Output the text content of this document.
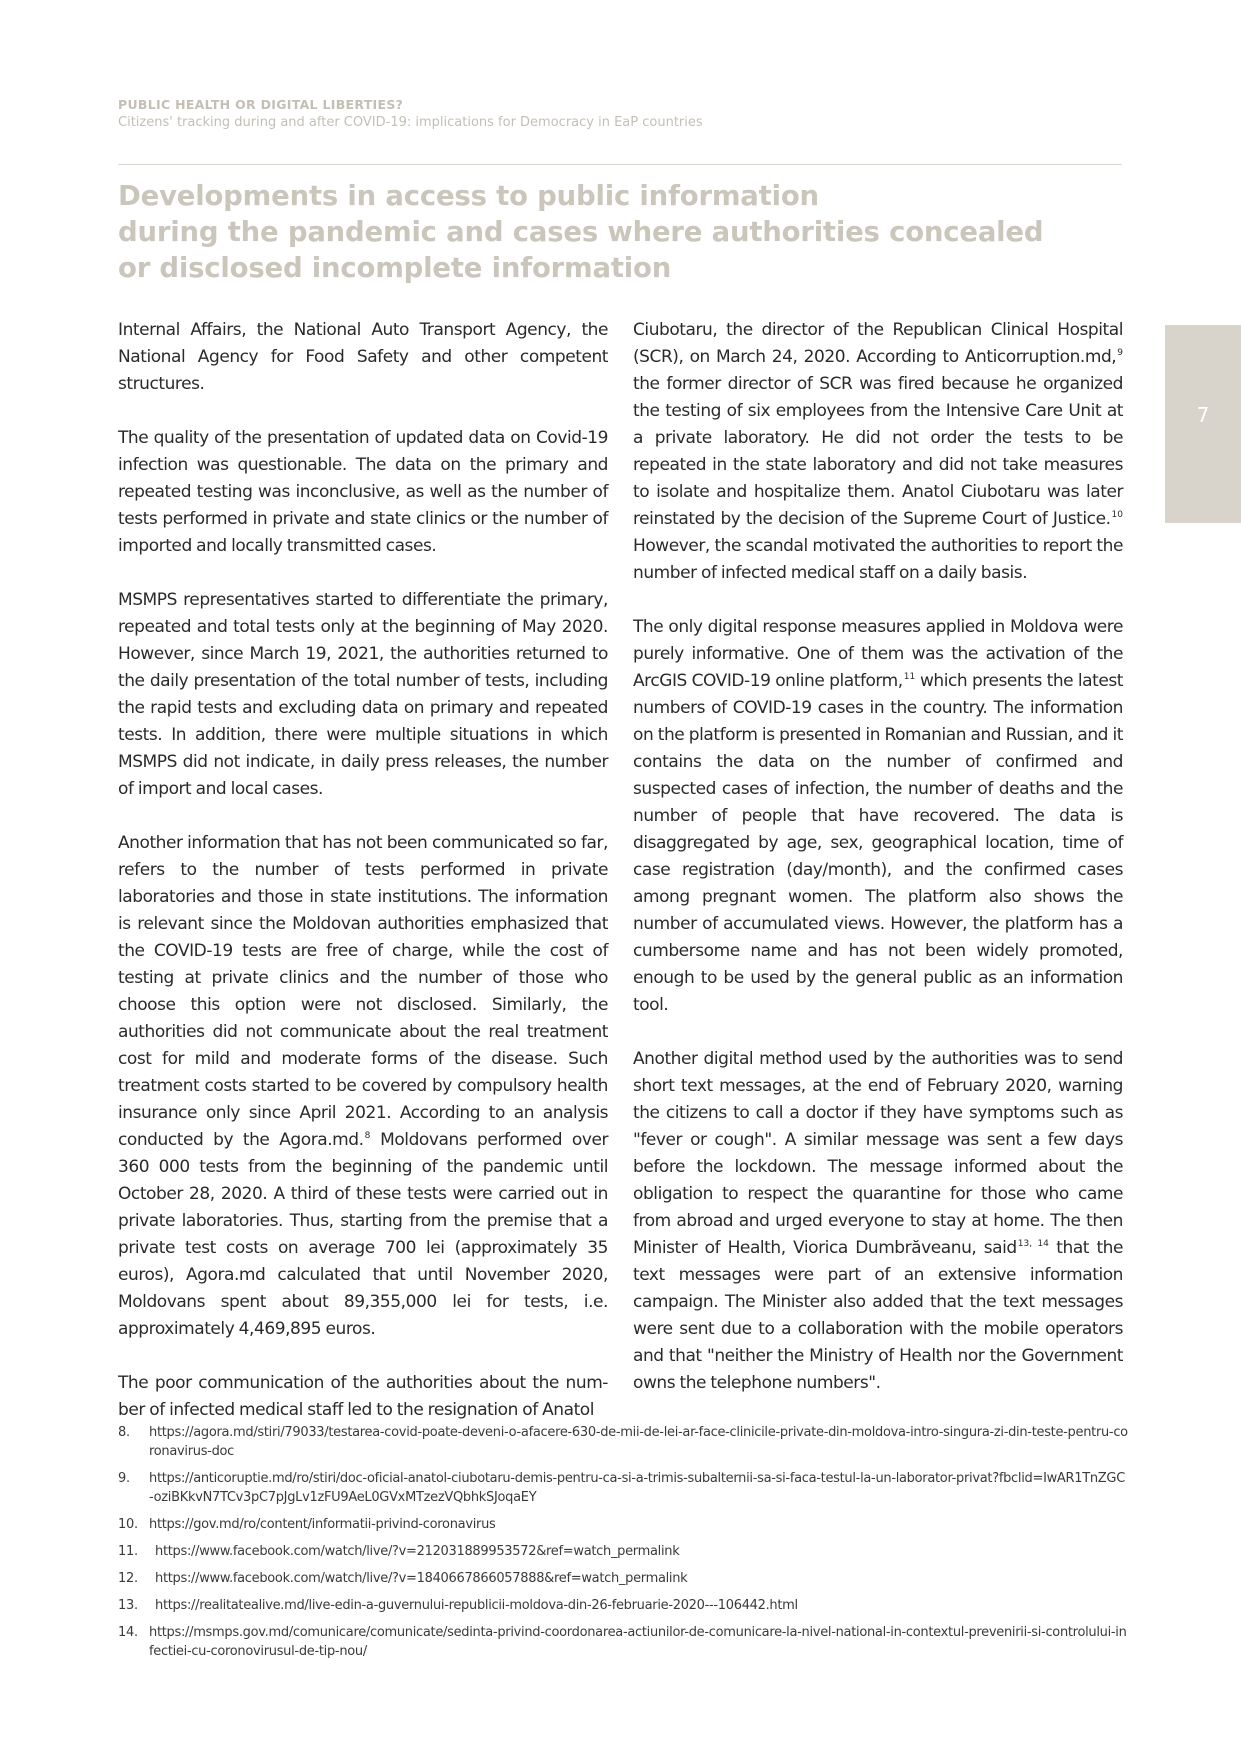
PUBLIC HEALTH OR DIGITAL LIBERTIES?
Citizens' tracking during and after COVID-19: implications for Democracy in EaP countries
Developments in access to public information
during the pandemic and cases where authorities concealed
or disclosed incomplete information
7

Internal Affairs, the National Auto Transport Agency, the National Agency for Food Safety and other competent structures.

The quality of the presentation of updated data on Covid-19 infection was questionable. The data on the primary and repeated testing was inconclusive, as well as the number of tests performed in private and state clinics or the number of imported and locally transmitted cases.

MSMPS representatives started to differentiate the primary, repeated and total tests only at the beginning of May 2020. However, since March 19, 2021, the authorities returned to the daily presentation of the total number of tests, including the rapid tests and excluding data on primary and repeated tests. In addition, there were multiple situations in which MSMPS did not indicate, in daily press releases, the number of import and local cases.

Another information that has not been communicated so far, refers to the number of tests performed in private laboratories and those in state institutions. The information is relevant since the Moldovan authorities emphasized that the COVID-19 tests are free of charge, while the cost of testing at private clinics and the number of those who choose this option were not disclosed. Similarly, the authorities did not communicate about the real treatment cost for mild and moderate forms of the disease. Such treatment costs started to be covered by compulsory health insurance only since April 2021. According to an analysis conducted by the Agora.md.$^8$ Moldovans performed over 360 000 tests from the beginning of the pandemic until October 28, 2020. A third of these tests were carried out in private laboratories. Thus, starting from the premise that a private test costs on average 700 lei (approximately 35 euros), Agora.md calculated that until November 2020, Moldovans spent about 89,355,000 lei for tests, i.e. approximately 4,469,895 euros.

The poor communication of the authorities about the num-ber of infected medical staff led to the resignation of Anatol

Ciubotaru, the director of the Republican Clinical Hospital (SCR), on March 24, 2020. According to Anticorruption.md,$^9$ the former director of SCR was fired because he organized the testing of six employees from the Intensive Care Unit at a private laboratory. He did not order the tests to be repeated in the state laboratory and did not take measures to isolate and hospitalize them. Anatol Ciubotaru was later reinstated by the decision of the Supreme Court of Justice.$^{10}$ However, the scandal motivated the authorities to report the number of infected medical staff on a daily basis.

The only digital response measures applied in Moldova were purely informative. One of them was the activation of the ArcGIS COVID-19 online platform,$^{11}$ which presents the latest numbers of COVID-19 cases in the country. The information on the platform is presented in Romanian and Russian, and it contains the data on the number of confirmed and suspected cases of infection, the number of deaths and the number of people that have recovered. The data is disaggregated by age, sex, geographical location, time of case registration (day/month), and the confirmed cases among pregnant women. The platform also shows the number of accumulated views. However, the platform has a cumbersome name and has not been widely promoted, enough to be used by the general public as an information tool.

Another digital method used by the authorities was to send short text messages, at the end of February 2020, warning the citizens to call a doctor if they have symptoms such as "fever or cough". A similar message was sent a few days before the lockdown. The message informed about the obligation to respect the quarantine for those who came from abroad and urged everyone to stay at home. The then Minister of Health, Viorica Dumbrăveanu, said$^{13, 14}$ that the text messages were part of an extensive information campaign. The Minister also added that the text messages were sent due to a collaboration with the mobile operators and that "neither the Ministry of Health nor the Government owns the telephone numbers".

8. https://agora.md/stiri/79033/testarea-covid-poate-deveni-o-afacere-630-de-mii-de-lei-ar-face-clinicile-private-din-moldova-intro-singura-zi-din-teste-pentru-coronavirus-doc
9. https://anticoruptie.md/ro/stiri/doc-oficial-anatol-ciubotaru-demis-pentru-ca-si-a-trimis-subalternii-sa-si-faca-testul-la-un-laborator-privat?fbclid=IwAR1TnZGC-oziBKkvN7TCv3pC7pJgLv1zFU9AeL0GVxMTzezVQbhkSJoqaEY
10. https://gov.md/ro/content/informatii-privind-coronavirus
11. https://www.facebook.com/watch/live/?v=212031889953572&ref=watch_permalink
12. https://www.facebook.com/watch/live/?v=1840667866057888&ref=watch_permalink
13. https://realitatealive.md/live-edin-a-guvernului-republicii-moldova-din-26-februarie-2020---106442.html
14. https://msmps.gov.md/comunicare/comunicate/sedinta-privind-coordonarea-actiunilor-de-comunicare-la-nivel-national-in-contextul-prevenirii-si-controlului-infectiei-cu-coronovirusul-de-tip-nou/
